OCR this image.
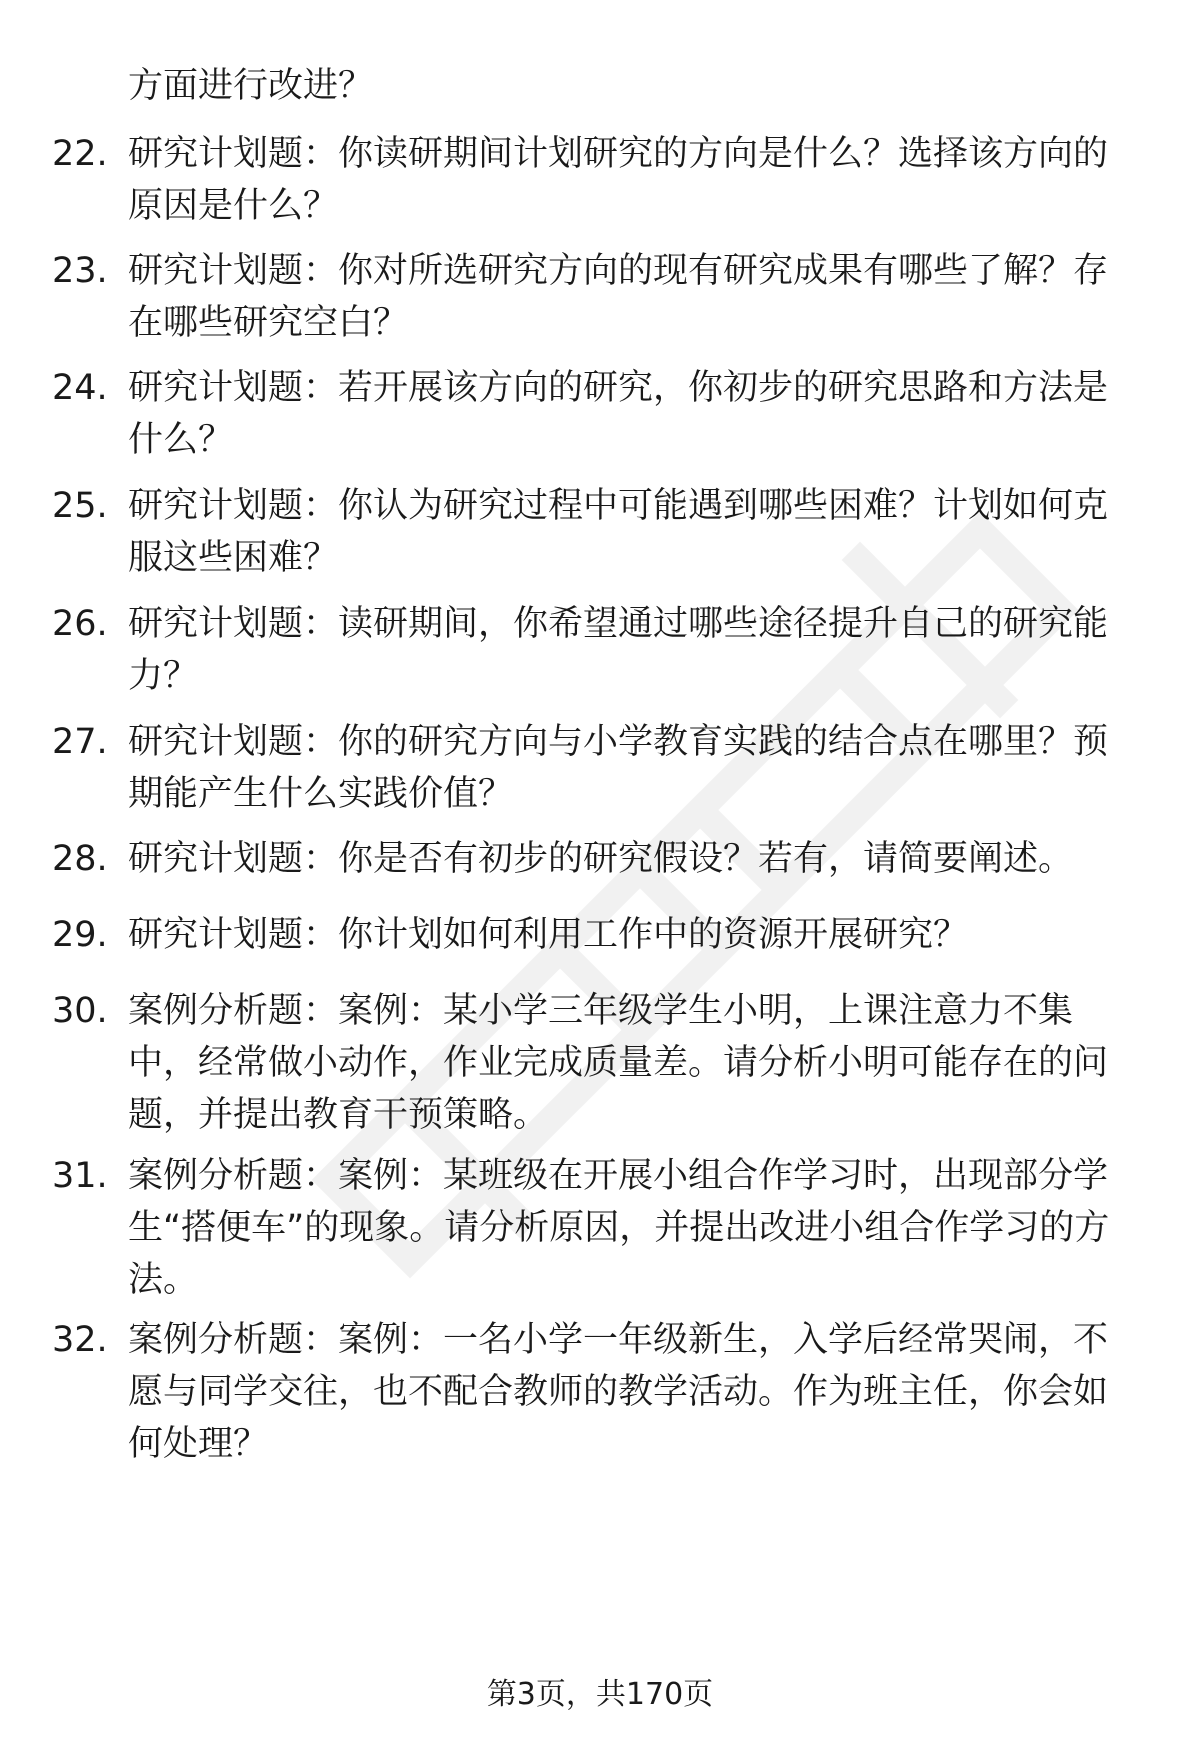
方面进行改进？

22. 研究计划题：你读研期间计划研究的方向是什么？选择该方向的原因是什么？

23. 研究计划题：你对所选研究方向的现有研究成果有哪些了解？存在哪些研究空白？

24. 研究计划题：若开展该方向的研究，你初步的研究思路和方法是什么？

25. 研究计划题：你认为研究过程中可能遇到哪些困难？计划如何克服这些困难？

26. 研究计划题：读研期间，你希望通过哪些途径提升自己的研究能力？

27. 研究计划题：你的研究方向与小学教育实践的结合点在哪里？预期能产生什么实践价值？

28. 研究计划题：你是否有初步的研究假设？若有，请简要阐述。

29. 研究计划题：你计划如何利用工作中的资源开展研究？

30. 案例分析题：案例：某小学三年级学生小明，上课注意力不集中，经常做小动作，作业完成质量差。请分析小明可能存在的问题，并提出教育干预策略。

31. 案例分析题：案例：某班级在开展小组合作学习时，出现部分学生“搭便车”的现象。请分析原因，并提出改进小组合作学习的方法。

32. 案例分析题：案例：一名小学一年级新生，入学后经常哭闹，不愿与同学交往，也不配合教师的教学活动。作为班主任，你会如何处理？

第3页，共170页
